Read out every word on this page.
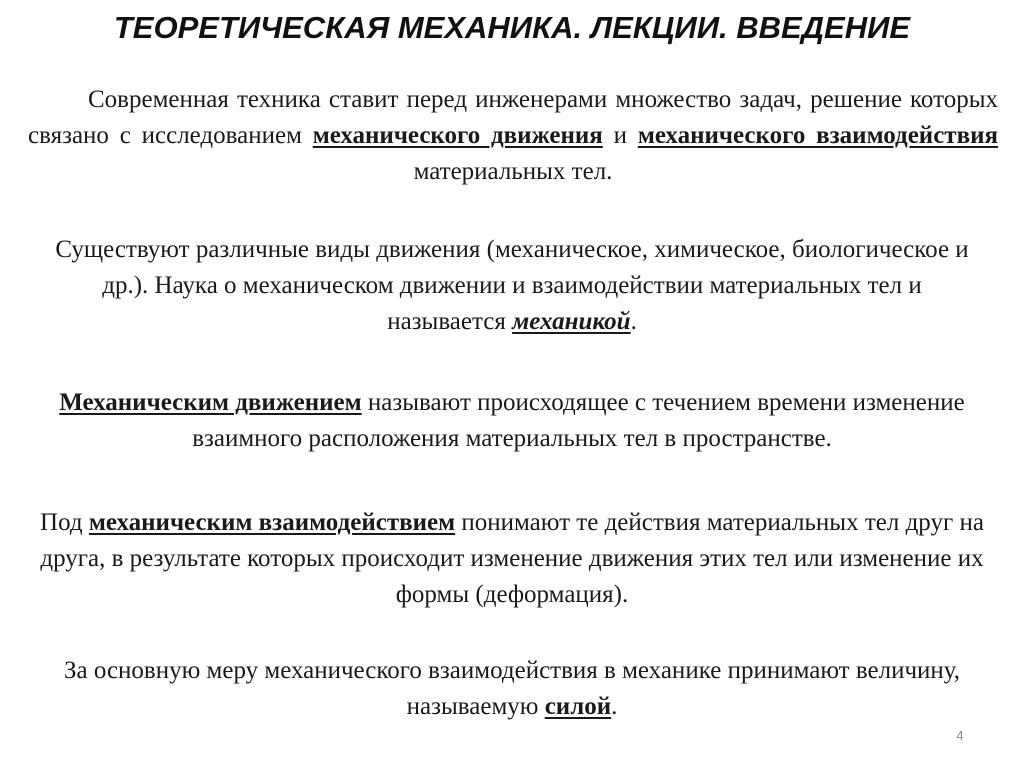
ТЕОРЕТИЧЕСКАЯ МЕХАНИКА. ЛЕКЦИИ. ВВЕДЕНИЕ

Современная техника ставит перед инженерами множество задач, решение которых связано с исследованием механического движения и механического взаимодействия материальных тел.

Существуют различные виды движения (механическое, химическое, биологическое и др.). Наука о механическом движении и взаимодействии материальных тел и называется механикой.

Механическим движением называют происходящее с течением времени изменение взаимного расположения материальных тел в пространстве.

Под механическим взаимодействием понимают те действия материальных тел друг на друга, в результате которых происходит изменение движения этих тел или изменение их формы (деформация).

За основную меру механического взаимодействия в механике принимают величину, называемую силой.

4
